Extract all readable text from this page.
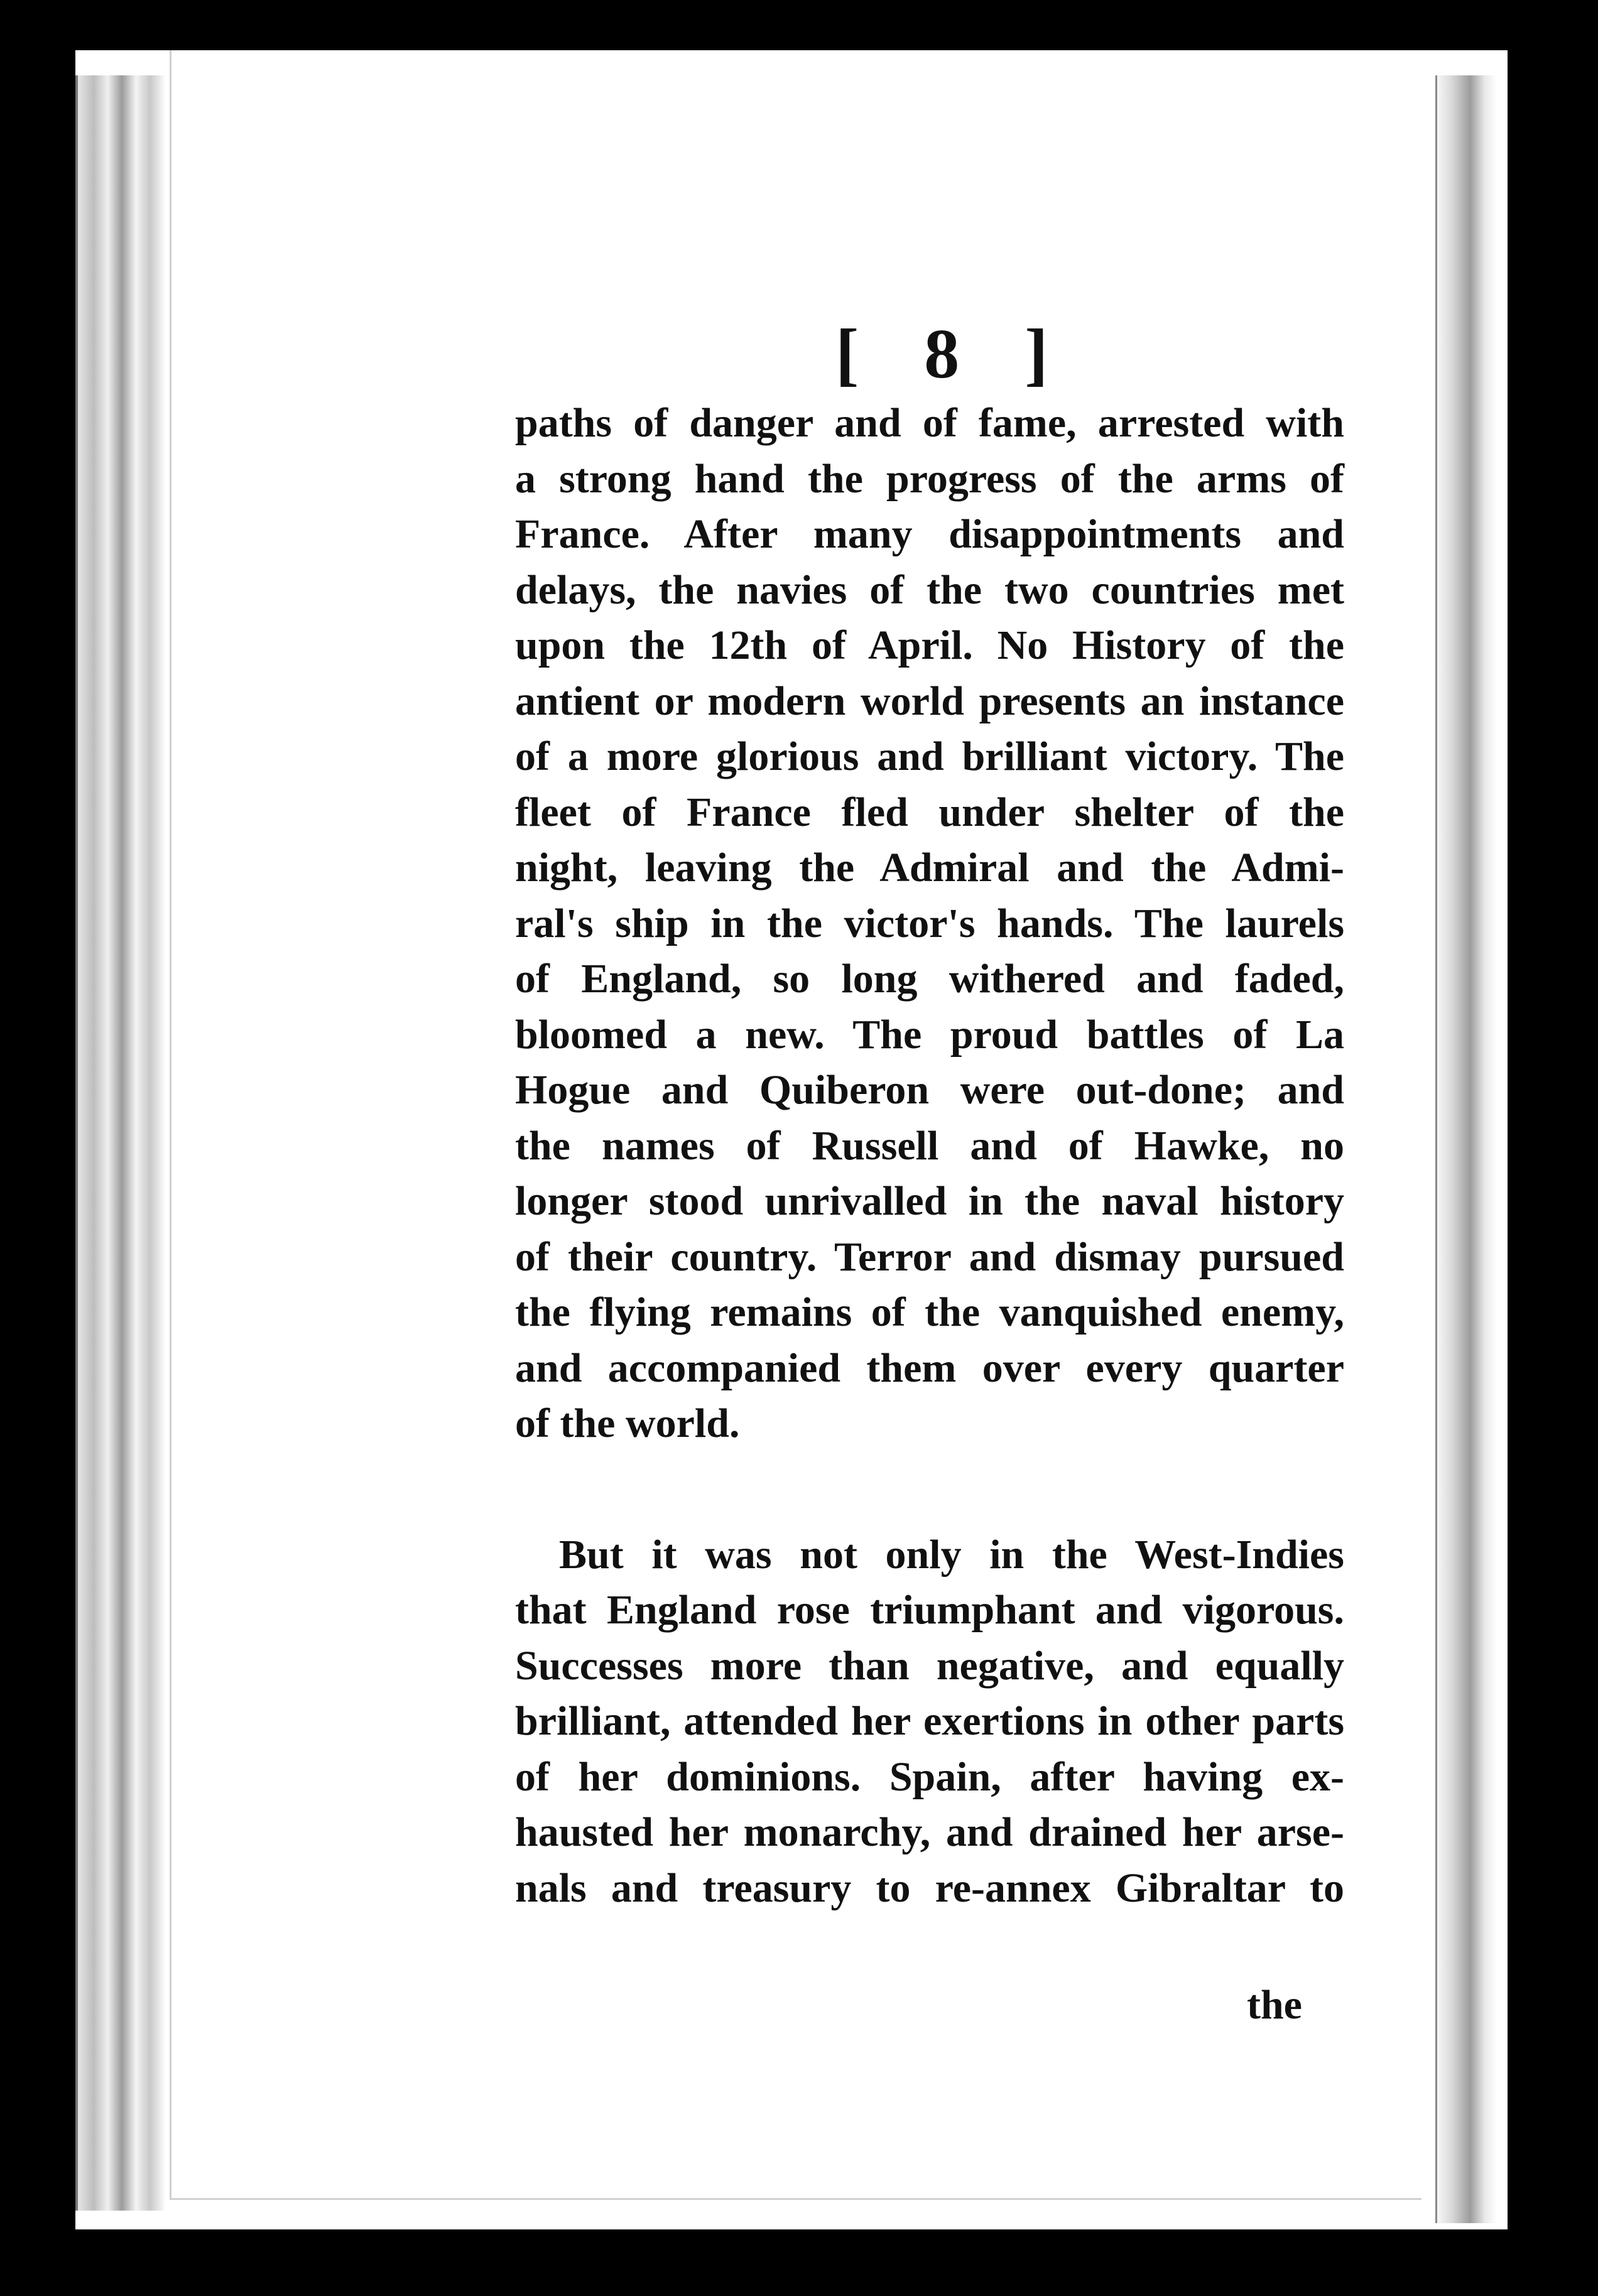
[ 8 ]
paths of danger and of fame, arrested with
a strong hand the progress of the arms of
France. After many disappointments and
delays, the navies of the two countries met
upon the 12th of April. No History of the
antient or modern world presents an instance
of a more glorious and brilliant victory. The
fleet of France fled under shelter of the
night, leaving the Admiral and the Admi-
ral's ship in the victor's hands. The laurels
of England, so long withered and faded,
bloomed a new. The proud battles of La
Hogue and Quiberon were out-done; and
the names of Russell and of Hawke, no
longer stood unrivalled in the naval history
of their country. Terror and dismay pursued
the flying remains of the vanquished enemy,
and accompanied them over every quarter
of the world.
But it was not only in the West-Indies
that England rose triumphant and vigorous.
Successes more than negative, and equally
brilliant, attended her exertions in other parts
of her dominions. Spain, after having ex-
hausted her monarchy, and drained her arse-
nals and treasury to re-annex Gibraltar to
the
